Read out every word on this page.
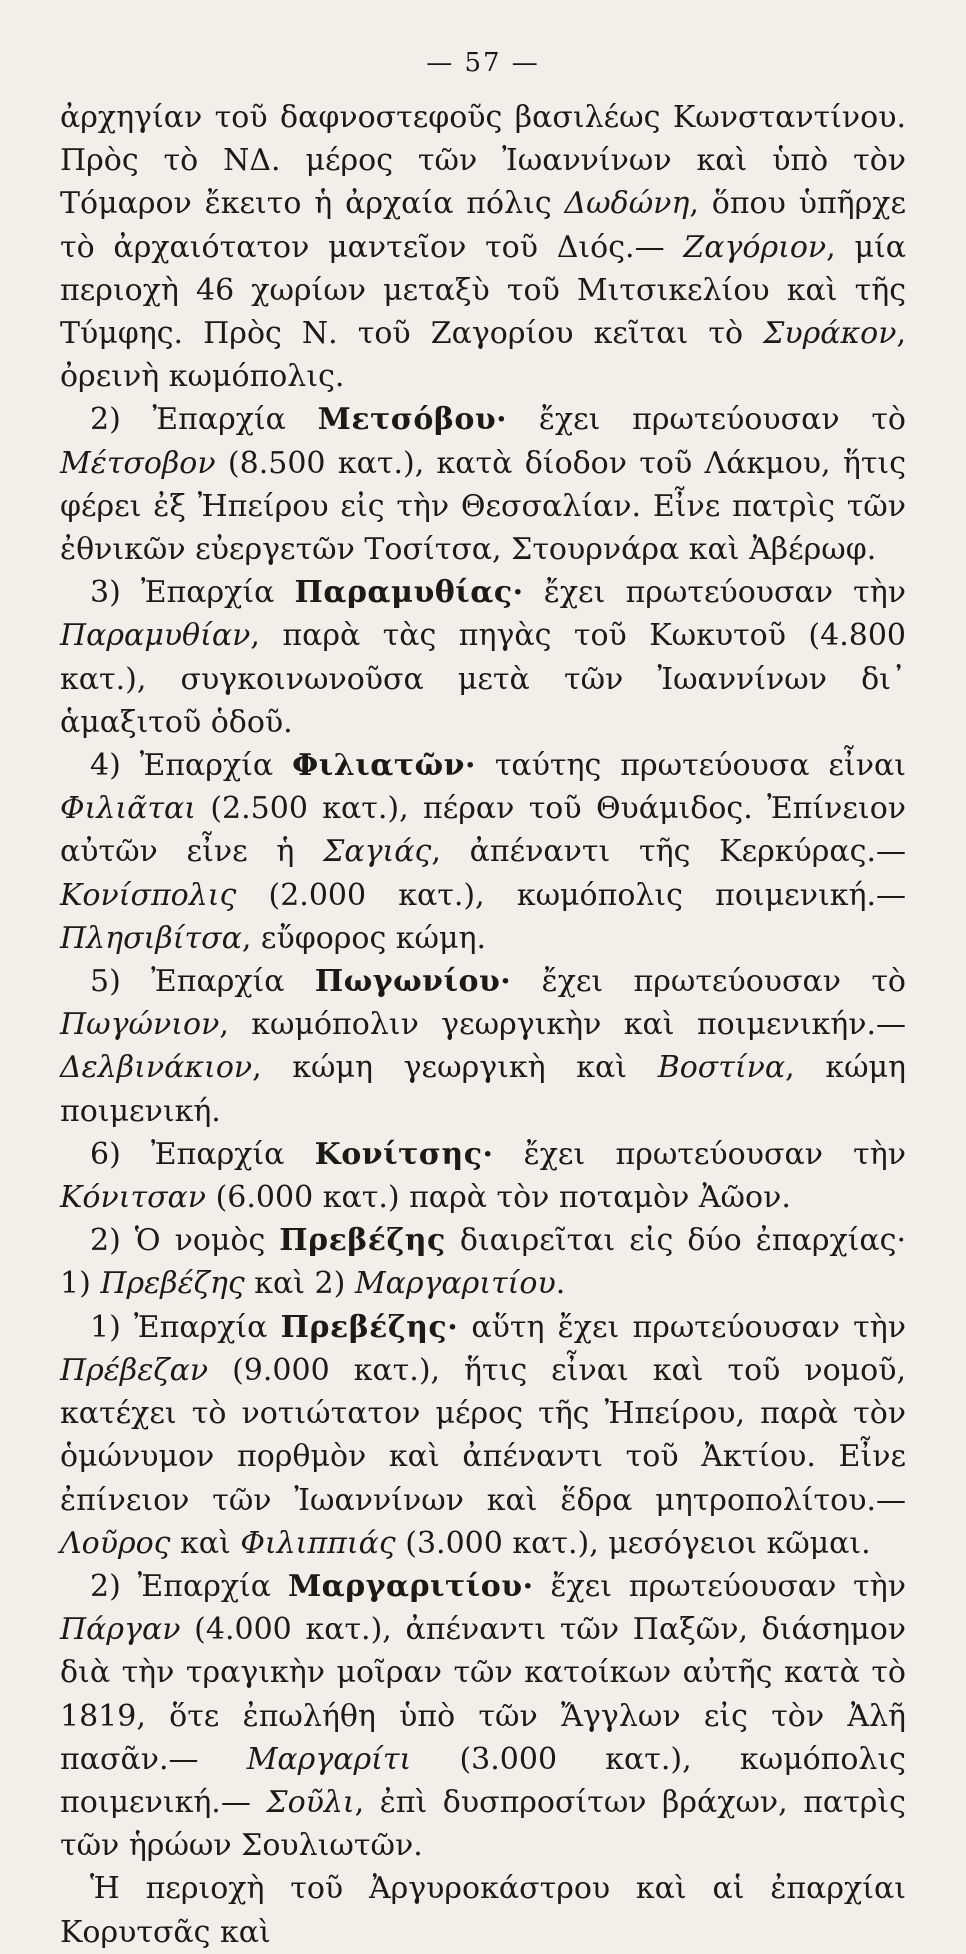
— 57 —

ἀρχηγίαν τοῦ δαφνοστεφοῦς βασιλέως Κωνσταντίνου. Πρὸς τὸ ΝΔ. μέρος τῶν Ἰωαννίνων καὶ ὑπὸ τὸν Τόμαρον ἔκειτο ἡ ἀρχαία πόλις Δωδώνη, ὅπου ὑπῆρχε τὸ ἀρχαιότατον μαντεῖον τοῦ Διός.— Ζαγόριον, μία περιοχὴ 46 χωρίων μεταξὺ τοῦ Μιτσικελίου καὶ τῆς Τύμφης. Πρὸς Ν. τοῦ Ζαγορίου κεῖται τὸ Συράκον, ὀρεινὴ κωμόπολις.

2) Ἐπαρχία Μετσόβου· ἔχει πρωτεύουσαν τὸ Μέτσοβον (8.500 κατ.), κατὰ δίοδον τοῦ Λάκμου, ἥτις φέρει ἐξ Ἠπείρου εἰς τὴν Θεσσαλίαν. Εἶνε πατρὶς τῶν ἐθνικῶν εὐεργετῶν Τοσίτσα, Στουρνάρα καὶ Ἀβέρωφ.

3) Ἐπαρχία Παραμυθίας· ἔχει πρωτεύουσαν τὴν Παραμυθίαν, παρὰ τὰς πηγὰς τοῦ Κωκυτοῦ (4.800 κατ.), συγκοινωνοῦσα μετὰ τῶν Ἰωαννίνων δι᾽ ἁμαξιτοῦ ὁδοῦ.

4) Ἐπαρχία Φιλιατῶν· ταύτης πρωτεύουσα εἶναι Φιλιᾶται (2.500 κατ.), πέραν τοῦ Θυάμιδος. Ἐπίνειον αὐτῶν εἶνε ἡ Σαγιάς, ἀπέναντι τῆς Κερκύρας.— Κονίσπολις (2.000 κατ.), κωμόπολις ποιμενική.— Πλησιβίτσα, εὔφορος κώμη.

5) Ἐπαρχία Πωγωνίου· ἔχει πρωτεύουσαν τὸ Πωγώνιον, κωμόπολιν γεωργικὴν καὶ ποιμενικήν.— Δελβινάκιον, κώμη γεωργικὴ καὶ Βοστίνα, κώμη ποιμενική.

6) Ἐπαρχία Κονίτσης· ἔχει πρωτεύουσαν τὴν Κόνιτσαν (6.000 κατ.) παρὰ τὸν ποταμὸν Ἀῶον.

2) Ὁ νομὸς Πρεβέζης διαιρεῖται εἰς δύο ἐπαρχίας· 1) Πρεβέζης καὶ 2) Μαργαριτίου.

1) Ἐπαρχία Πρεβέζης· αὕτη ἔχει πρωτεύουσαν τὴν Πρέβεζαν (9.000 κατ.), ἥτις εἶναι καὶ τοῦ νομοῦ, κατέχει τὸ νοτιώτατον μέρος τῆς Ἠπείρου, παρὰ τὸν ὁμώνυμον πορθμὸν καὶ ἀπέναντι τοῦ Ἀκτίου. Εἶνε ἐπίνειον τῶν Ἰωαννίνων καὶ ἕδρα μητροπολίτου.— Λοῦρος καὶ Φιλιππιάς (3.000 κατ.), μεσόγειοι κῶμαι.

2) Ἐπαρχία Μαργαριτίου· ἔχει πρωτεύουσαν τὴν Πάργαν (4.000 κατ.), ἀπέναντι τῶν Παξῶν, διάσημον διὰ τὴν τραγικὴν μοῖραν τῶν κατοίκων αὐτῆς κατὰ τὸ 1819, ὅτε ἐπωλήθη ὑπὸ τῶν Ἄγγλων εἰς τὸν Ἀλῆ πασᾶν.— Μαργαρίτι (3.000 κατ.), κωμόπολις ποιμενική.— Σοῦλι, ἐπὶ δυσπροσίτων βράχων, πατρὶς τῶν ἡρώων Σουλιωτῶν.

Ἡ περιοχὴ τοῦ Ἀργυροκάστρου καὶ αἱ ἐπαρχίαι Κορυτσᾶς καὶ
